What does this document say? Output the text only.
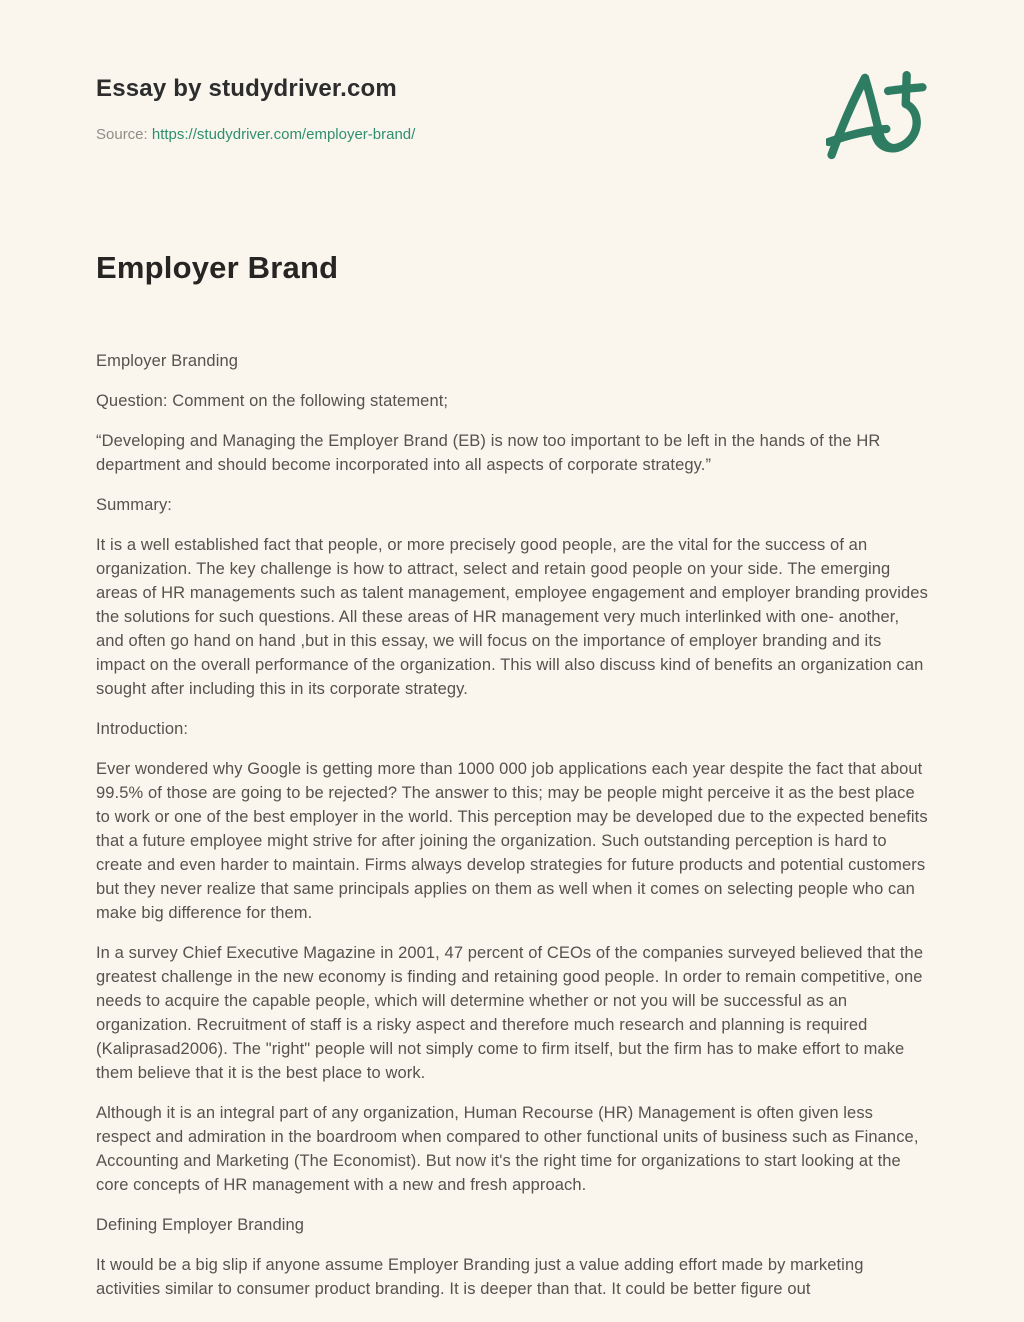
Essay by studydriver.com

Source: https://studydriver.com/employer-brand/

Employer Brand

Employer Branding

Question: Comment on the following statement;

“Developing and Managing the Employer Brand (EB) is now too important to be left in the hands of the HR department and should become incorporated into all aspects of corporate strategy.”

Summary:

It is a well established fact that people, or more precisely good people, are the vital for the success of an organization. The key challenge is how to attract, select and retain good people on your side. The emerging areas of HR managements such as talent management, employee engagement and employer branding provides the solutions for such questions. All these areas of HR management very much interlinked with one- another, and often go hand on hand ,but in this essay, we will focus on the importance of employer branding and its impact on the overall performance of the organization. This will also discuss kind of benefits an organization can sought after including this in its corporate strategy.

Introduction:

Ever wondered why Google is getting more than 1000 000 job applications each year despite the fact that about 99.5% of those are going to be rejected? The answer to this; may be people might perceive it as the best place to work or one of the best employer in the world. This perception may be developed due to the expected benefits that a future employee might strive for after joining the organization. Such outstanding perception is hard to create and even harder to maintain. Firms always develop strategies for future products and potential customers but they never realize that same principals applies on them as well when it comes on selecting people who can make big difference for them.

In a survey Chief Executive Magazine in 2001, 47 percent of CEOs of the companies surveyed believed that the greatest challenge in the new economy is finding and retaining good people. In order to remain competitive, one needs to acquire the capable people, which will determine whether or not you will be successful as an organization. Recruitment of staff is a risky aspect and therefore much research and planning is required (Kaliprasad2006). The "right" people will not simply come to firm itself, but the firm has to make effort to make them believe that it is the best place to work.

Although it is an integral part of any organization, Human Recourse (HR) Management is often given less respect and admiration in the boardroom when compared to other functional units of business such as Finance, Accounting and Marketing (The Economist). But now it's the right time for organizations to start looking at the core concepts of HR management with a new and fresh approach.

Defining Employer Branding

It would be a big slip if anyone assume Employer Branding just a value adding effort made by marketing activities similar to consumer product branding. It is deeper than that. It could be better figure out
